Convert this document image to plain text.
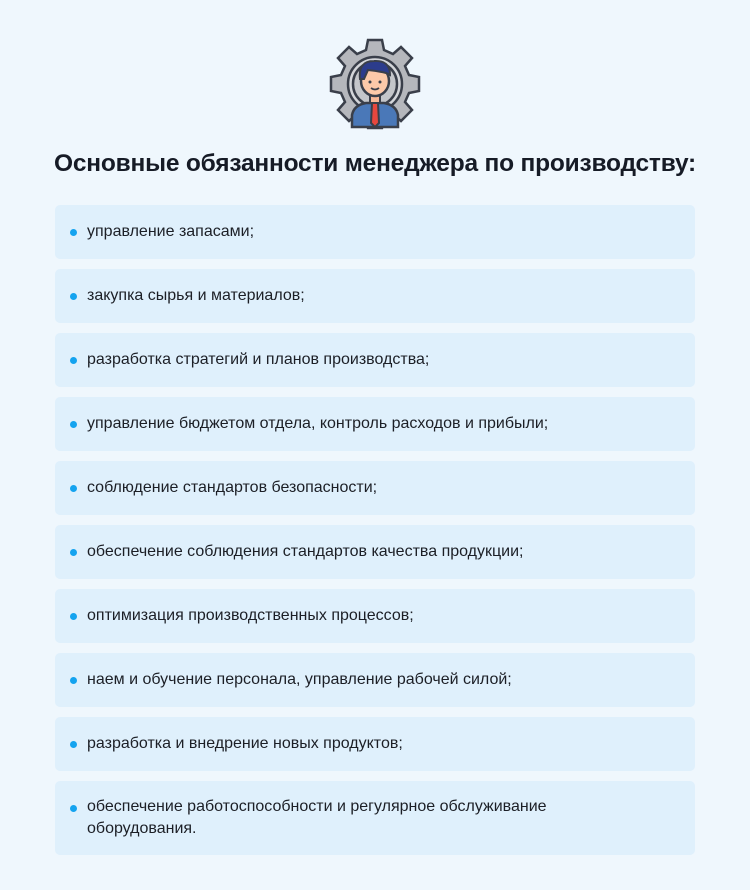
Основные обязанности менеджера по производству:
управление запасами;
закупка сырья и материалов;
разработка стратегий и планов производства;
управление бюджетом отдела, контроль расходов и прибыли;
соблюдение стандартов безопасности;
обеспечение соблюдения стандартов качества продукции;
оптимизация производственных процессов;
наем и обучение персонала, управление рабочей силой;
разработка и внедрение новых продуктов;
обеспечение работоспособности и регулярное обслуживание оборудования.
